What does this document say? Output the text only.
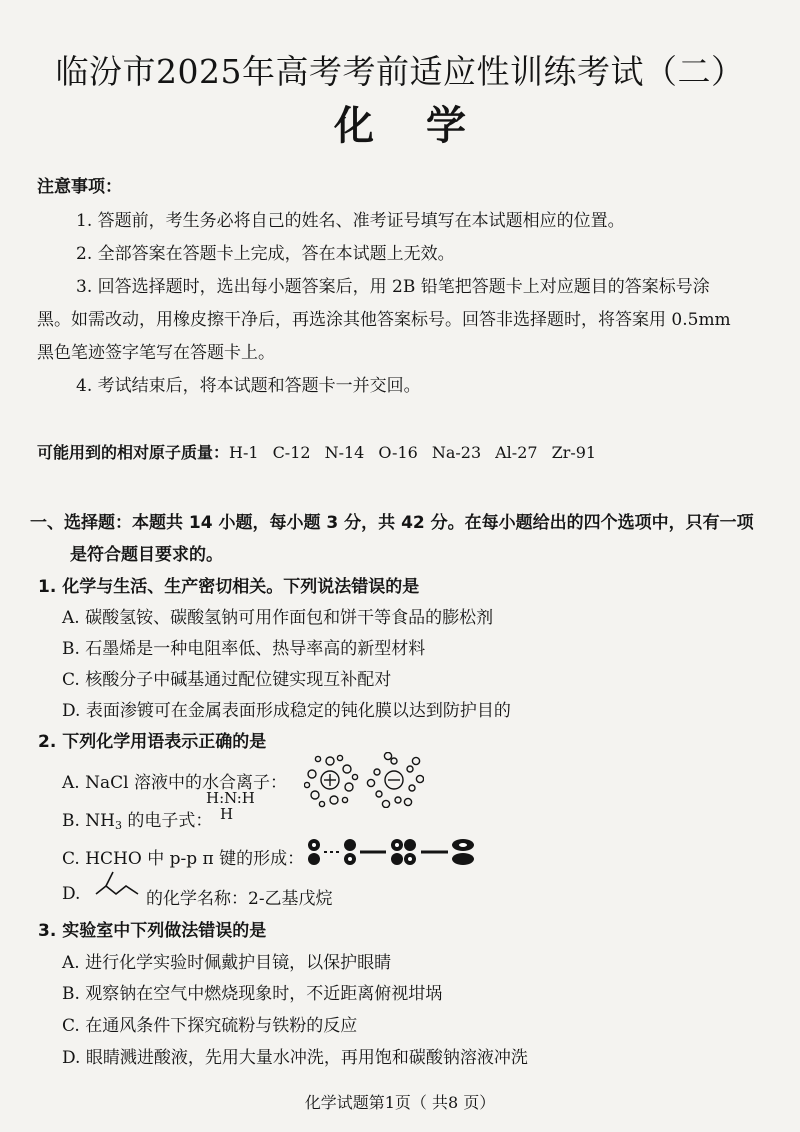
临汾市2025年高考考前适应性训练考试（二）
化学
注意事项：
1. 答题前，考生务必将自己的姓名、准考证号填写在本试题相应的位置。
2. 全部答案在答题卡上完成，答在本试题上无效。
3. 回答选择题时，选出每小题答案后，用 2B 铅笔把答题卡上对应题目的答案标号涂
黑。如需改动，用橡皮擦干净后，再选涂其他答案标号。回答非选择题时，将答案用 0.5mm
黑色笔迹签字笔写在答题卡上。
4. 考试结束后，将本试题和答题卡一并交回。
可能用到的相对原子质量：H-1 C-12 N-14 O-16 Na-23 Al-27 Zr-91
一、选择题：本题共 14 小题，每小题 3 分，共 42 分。在每小题给出的四个选项中，只有一项
是符合题目要求的。
1. 化学与生活、生产密切相关。下列说法错误的是
A. 碳酸氢铵、碳酸氢钠可用作面包和饼干等食品的膨松剂
B. 石墨烯是一种电阻率低、热导率高的新型材料
C. 核酸分子中碱基通过配位键实现互补配对
D. 表面渗镀可在金属表面形成稳定的钝化膜以达到防护目的
2. 下列化学用语表示正确的是
A. NaCl 溶液中的水合离子：
B. $NH_3$ 的电子式：
H:N:H
H
C. HCHO 中 p-p π 键的形成：
D.	的化学名称：2-乙基戊烷
3. 实验室中下列做法错误的是
A. 进行化学实验时佩戴护目镜，以保护眼睛
B. 观察钠在空气中燃烧现象时，不近距离俯视坩埚
C. 在通风条件下探究硫粉与铁粉的反应
D. 眼睛溅进酸液，先用大量水冲洗，再用饱和碳酸钠溶液冲洗
化学试题第1页（ 共8 页）
